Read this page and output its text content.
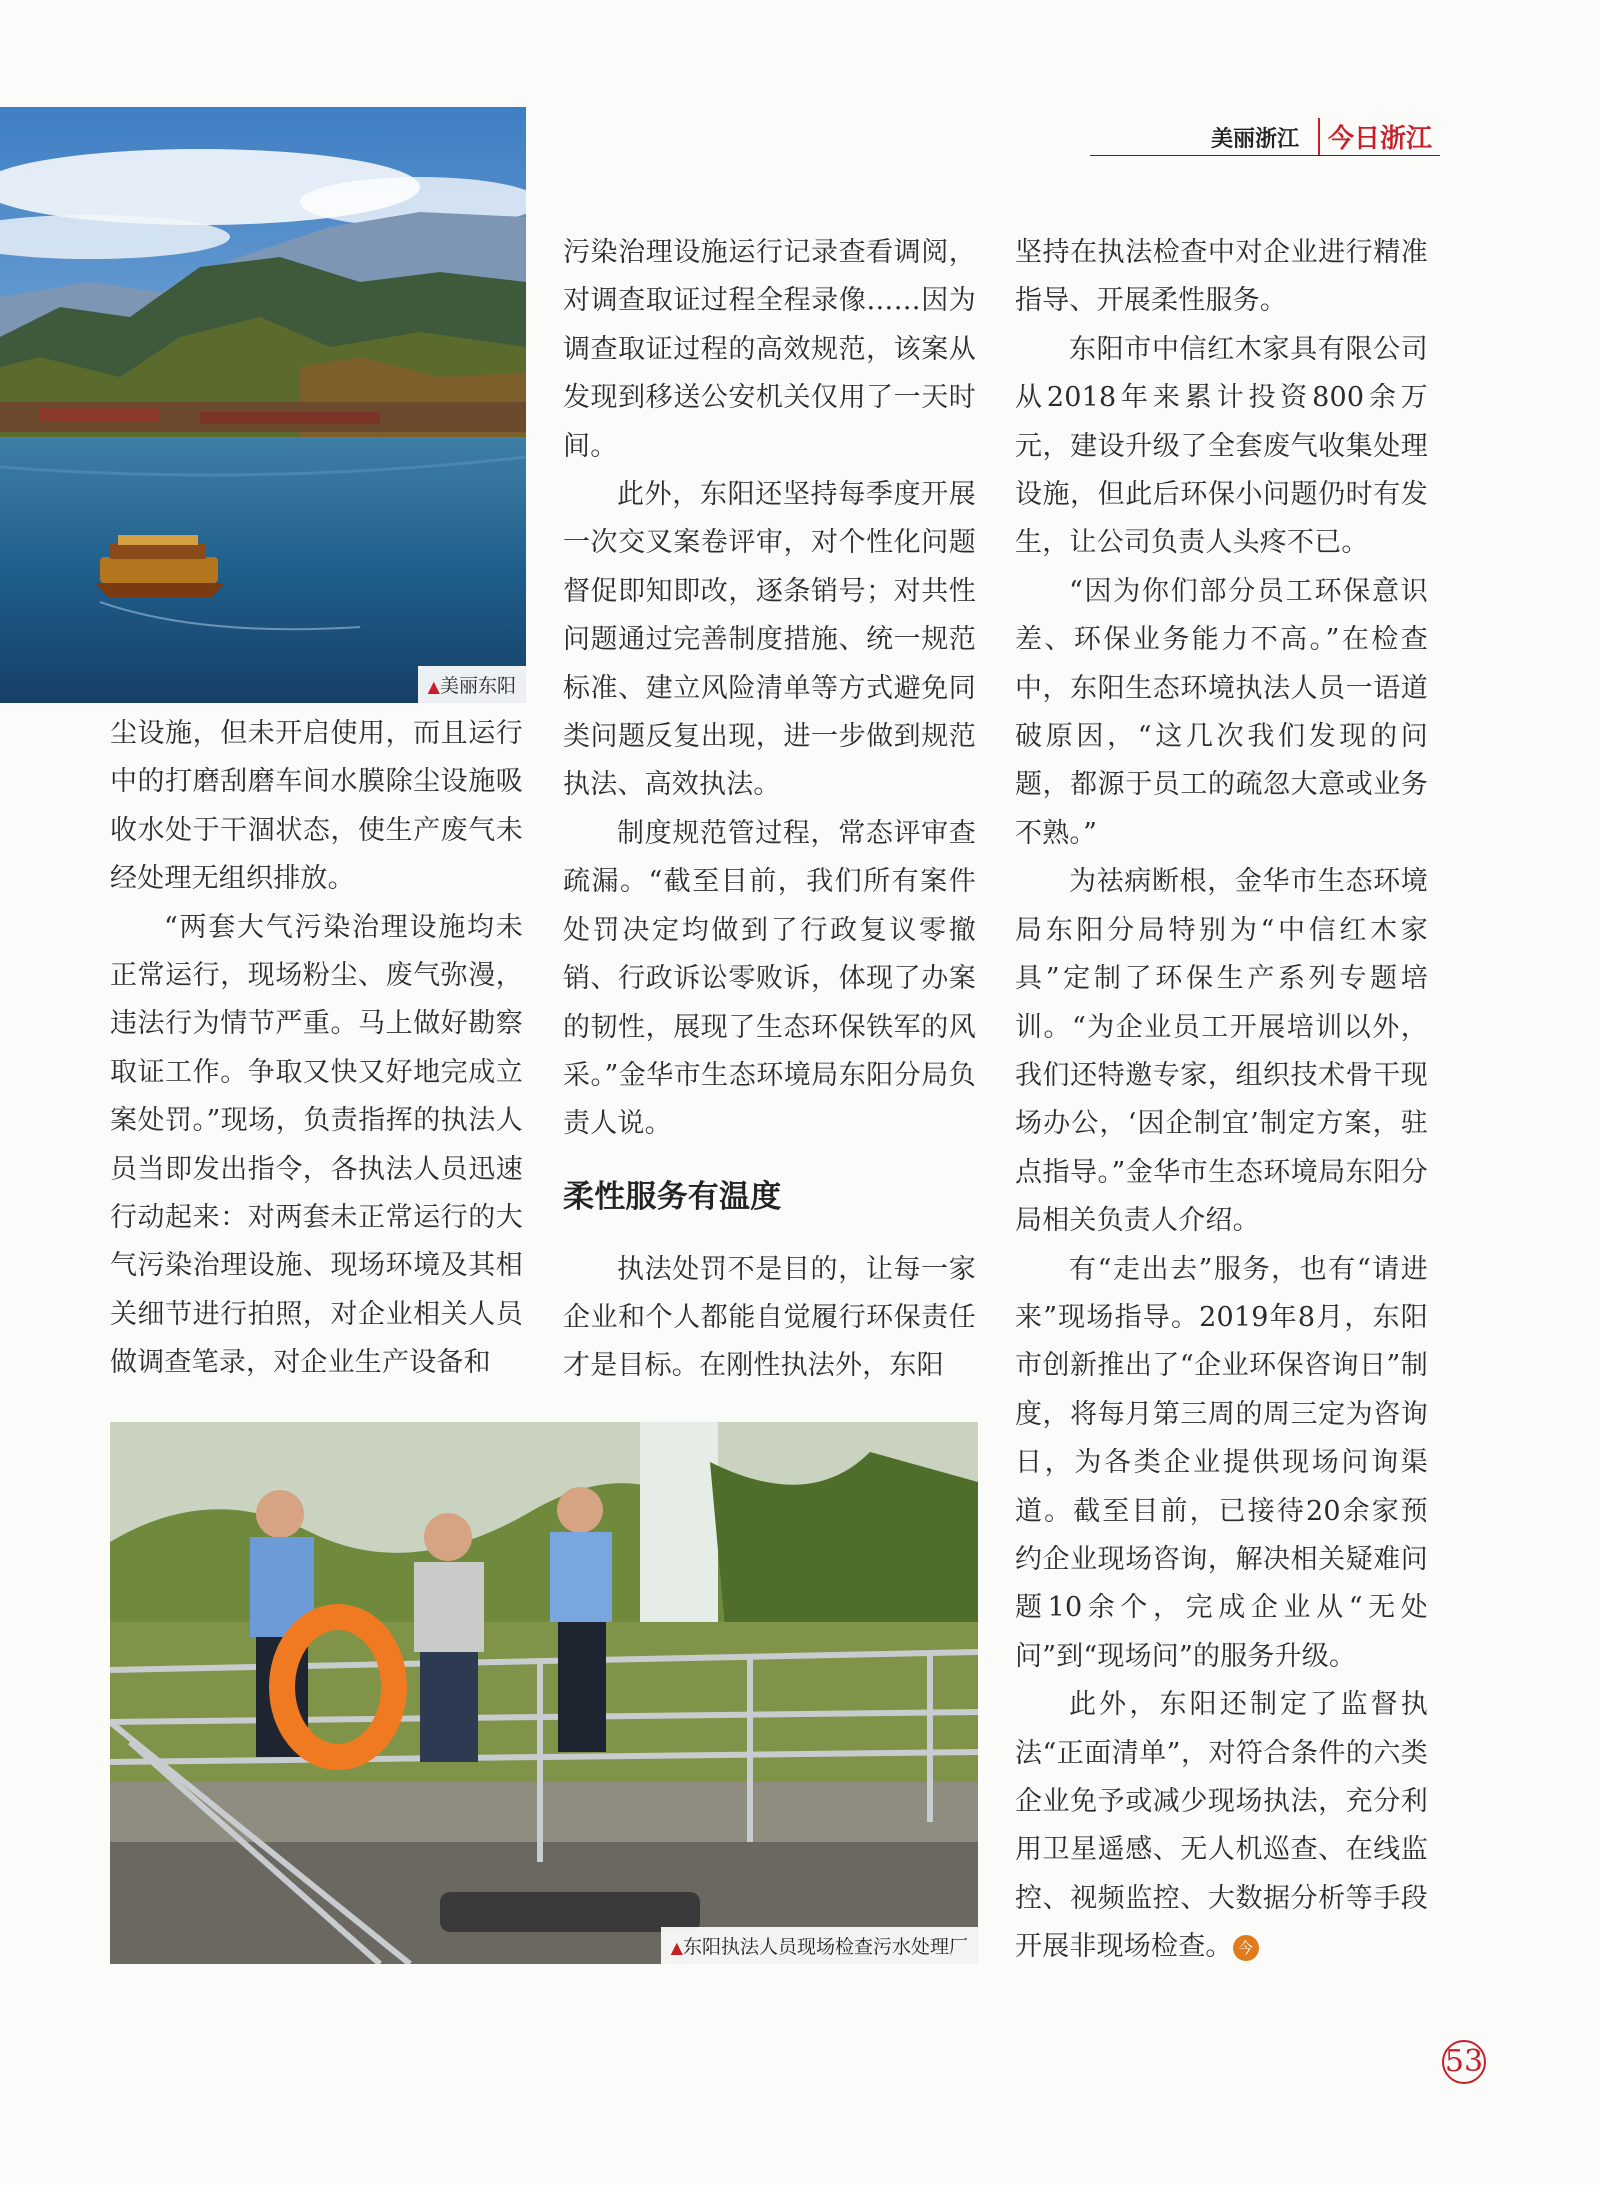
美丽浙江	今日浙江
▲美丽东阳
▲东阳执法人员现场检查污水处理厂

尘设施，但未开启使用，而且运行中的打磨刮磨车间水膜除尘设施吸收水处于干涸状态，使生产废气未经处理无组织排放。

“两套大气污染治理设施均未正常运行，现场粉尘、废气弥漫，违法行为情节严重。马上做好勘察取证工作。争取又快又好地完成立案处罚。”现场，负责指挥的执法人员当即发出指令，各执法人员迅速行动起来：对两套未正常运行的大气污染治理设施、现场环境及其相关细节进行拍照，对企业相关人员做调查笔录，对企业生产设备和

污染治理设施运行记录查看调阅，对调查取证过程全程录像……因为调查取证过程的高效规范，该案从发现到移送公安机关仅用了一天时间。

此外，东阳还坚持每季度开展一次交叉案卷评审，对个性化问题督促即知即改，逐条销号；对共性问题通过完善制度措施、统一规范标准、建立风险清单等方式避免同类问题反复出现，进一步做到规范执法、高效执法。

制度规范管过程，常态评审查疏漏。“截至目前，我们所有案件处罚决定均做到了行政复议零撤销、行政诉讼零败诉，体现了办案的韧性，展现了生态环保铁军的风采。”金华市生态环境局东阳分局负责人说。

柔性服务有温度

执法处罚不是目的，让每一家企业和个人都能自觉履行环保责任才是目标。在刚性执法外，东阳

坚持在执法检查中对企业进行精准指导、开展柔性服务。

东阳市中信红木家具有限公司从2018年来累计投资800余万元，建设升级了全套废气收集处理设施，但此后环保小问题仍时有发生，让公司负责人头疼不已。

“因为你们部分员工环保意识差、环保业务能力不高。”在检查中，东阳生态环境执法人员一语道破原因，“这几次我们发现的问题，都源于员工的疏忽大意或业务不熟。”

为祛病断根，金华市生态环境局东阳分局特别为“中信红木家具”定制了环保生产系列专题培训。“为企业员工开展培训以外，我们还特邀专家，组织技术骨干现场办公，‘因企制宜’制定方案，驻点指导。”金华市生态环境局东阳分局相关负责人介绍。

有“走出去”服务，也有“请进来”现场指导。2019年8月，东阳市创新推出了“企业环保咨询日”制度，将每月第三周的周三定为咨询日，为各类企业提供现场问询渠道。截至目前，已接待20余家预约企业现场咨询，解决相关疑难问题10余个，完成企业从“无处问”到“现场问”的服务升级。

此外，东阳还制定了监督执法“正面清单”，对符合条件的六类企业免予或减少现场执法，充分利用卫星遥感、无人机巡查、在线监控、视频监控、大数据分析等手段开展非现场检查。 今

53
